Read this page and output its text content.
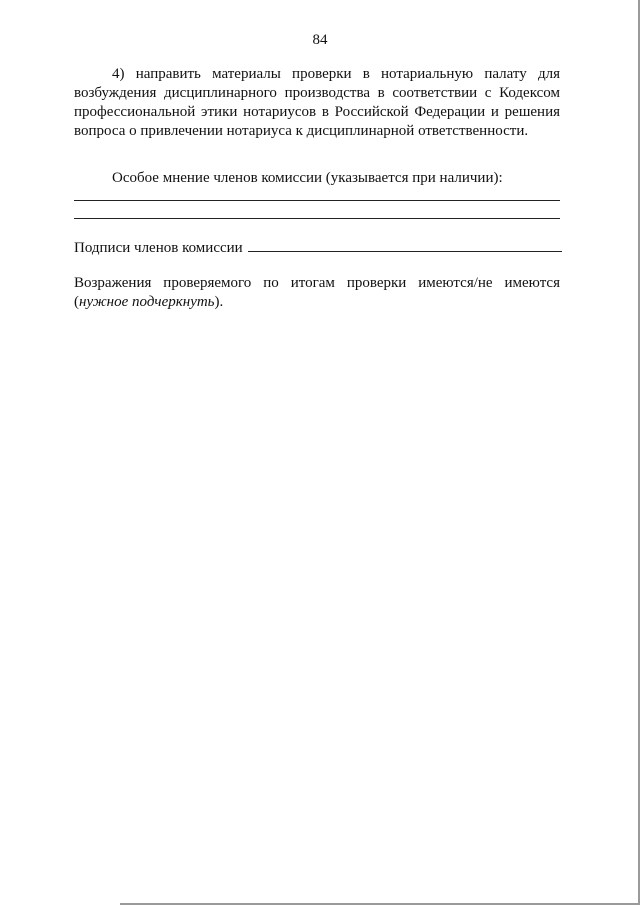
84
4) направить материалы проверки в нотариальную палату для возбуждения дисциплинарного производства в соответствии с Кодексом профессиональной этики нотариусов в Российской Федерации и решения вопроса о привлечении нотариуса к дисциплинарной ответственности.
Особое мнение членов комиссии (указывается при наличии):
Подписи членов комиссии
Возражения проверяемого по итогам проверки имеются/не имеются (нужное подчеркнуть).
